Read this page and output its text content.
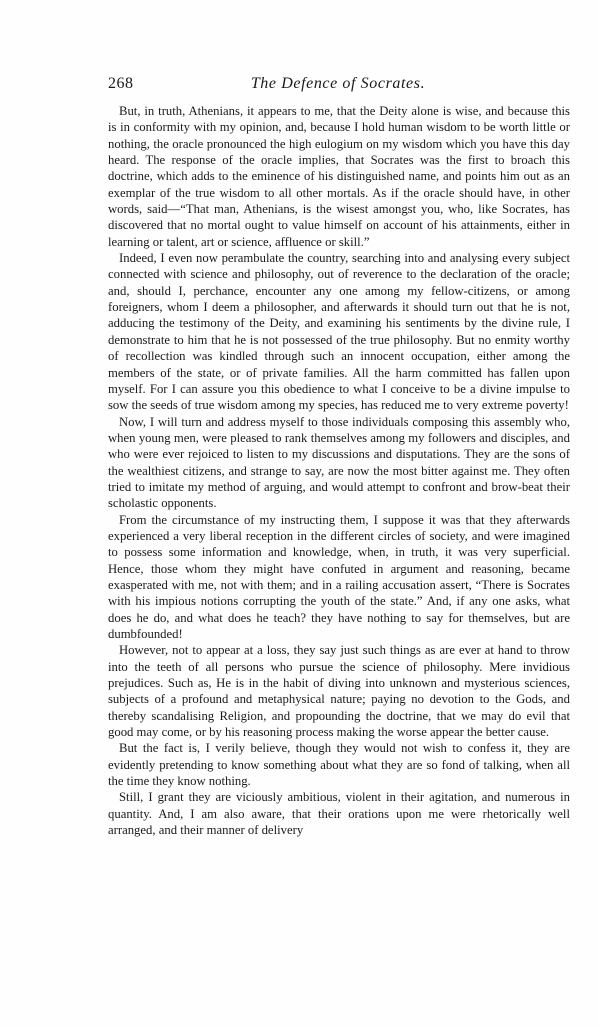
268	The Defence of Socrates.

But, in truth, Athenians, it appears to me, that the Deity alone is wise, and because this is in conformity with my opinion, and, because I hold human wisdom to be worth little or nothing, the oracle pronounced the high eulogium on my wisdom which you have this day heard. The response of the oracle implies, that Socrates was the first to broach this doctrine, which adds to the eminence of his distinguished name, and points him out as an exemplar of the true wisdom to all other mortals. As if the oracle should have, in other words, said—“That man, Athenians, is the wisest amongst you, who, like Socrates, has discovered that no mortal ought to value himself on account of his attainments, either in learning or talent, art or science, affluence or skill.”

Indeed, I even now perambulate the country, searching into and analysing every subject connected with science and philosophy, out of reverence to the declaration of the oracle; and, should I, perchance, encounter any one among my fellow-citizens, or among foreigners, whom I deem a philosopher, and afterwards it should turn out that he is not, adducing the testimony of the Deity, and examining his sentiments by the divine rule, I demonstrate to him that he is not possessed of the true philosophy. But no enmity worthy of recollection was kindled through such an innocent occupation, either among the members of the state, or of private families. All the harm committed has fallen upon myself. For I can assure you this obedience to what I conceive to be a divine impulse to sow the seeds of true wisdom among my species, has reduced me to very extreme poverty!

Now, I will turn and address myself to those individuals composing this assembly who, when young men, were pleased to rank themselves among my followers and disciples, and who were ever rejoiced to listen to my discussions and disputations. They are the sons of the wealthiest citizens, and strange to say, are now the most bitter against me. They often tried to imitate my method of arguing, and would attempt to confront and brow-beat their scholastic opponents.

From the circumstance of my instructing them, I suppose it was that they afterwards experienced a very liberal reception in the different circles of society, and were imagined to possess some information and knowledge, when, in truth, it was very superficial. Hence, those whom they might have confuted in argument and reasoning, became exasperated with me, not with them; and in a railing accusation assert, “There is Socrates with his impious notions corrupting the youth of the state.” And, if any one asks, what does he do, and what does he teach? they have nothing to say for themselves, but are dumbfounded!

However, not to appear at a loss, they say just such things as are ever at hand to throw into the teeth of all persons who pursue the science of philosophy. Mere invidious prejudices. Such as, He is in the habit of diving into unknown and mysterious sciences, subjects of a profound and metaphysical nature; paying no devotion to the Gods, and thereby scandalising Religion, and propounding the doctrine, that we may do evil that good may come, or by his reasoning process making the worse appear the better cause.

But the fact is, I verily believe, though they would not wish to confess it, they are evidently pretending to know something about what they are so fond of talking, when all the time they know nothing.

Still, I grant they are viciously ambitious, violent in their agitation, and numerous in quantity. And, I am also aware, that their orations upon me were rhetorically well arranged, and their manner of delivery
